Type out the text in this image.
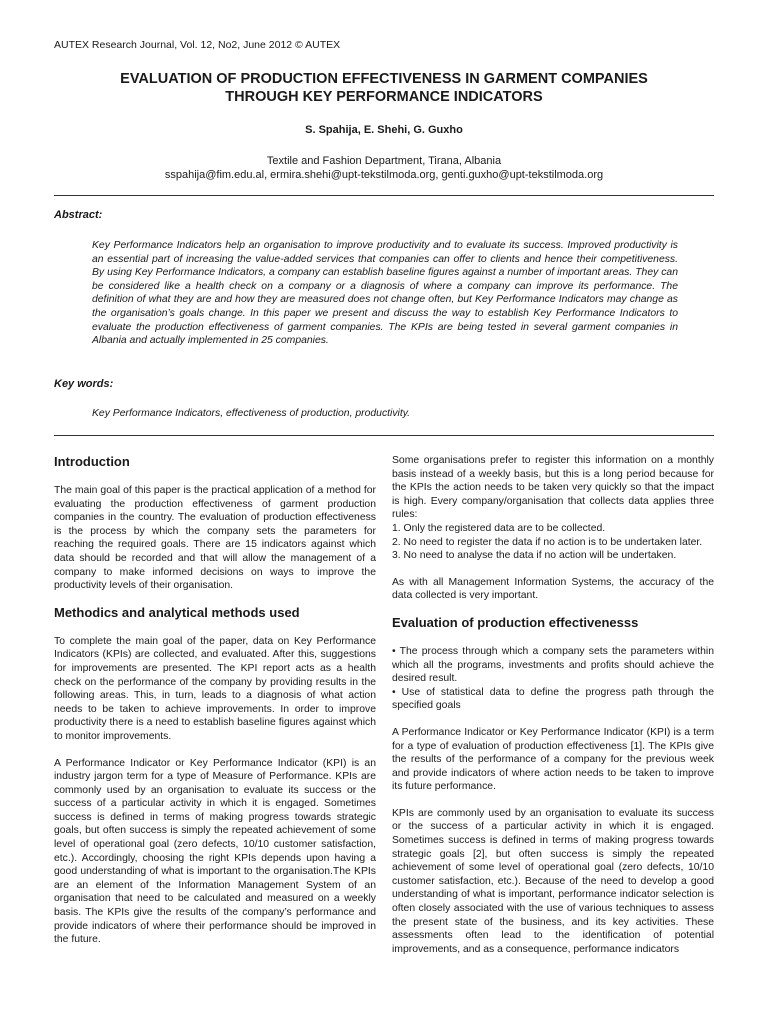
AUTEX Research Journal, Vol. 12, No2, June 2012 © AUTEX
EVALUATION OF PRODUCTION EFFECTIVENESS IN GARMENT COMPANIES
THROUGH KEY PERFORMANCE INDICATORS
S. Spahija, E. Shehi, G. Guxho
Textile and Fashion Department, Tirana, Albania
sspahija@fim.edu.al, ermira.shehi@upt-tekstilmoda.org, genti.guxho@upt-tekstilmoda.org
Abstract:
Key Performance Indicators help an organisation to improve productivity and to evaluate its success. Improved productivity is an essential part of increasing the value-added services that companies can offer to clients and hence their competitiveness. By using Key Performance Indicators, a company can establish baseline figures against a number of important areas. They can be considered like a health check on a company or a diagnosis of where a company can improve its performance. The definition of what they are and how they are measured does not change often, but Key Performance Indicators may change as the organisation’s goals change. In this paper we present and discuss the way to establish Key Performance Indicators to evaluate the production effectiveness of garment companies. The KPIs are being tested in several garment companies in Albania and actually implemented in 25 companies.
Key words:
Key Performance Indicators, effectiveness of production, productivity.
Introduction

The main goal of this paper is the practical application of a method for evaluating the production effectiveness of garment production companies in the country. The evaluation of production effectiveness is the process by which the company sets the parameters for reaching the required goals. There are 15 indicators against which data should be recorded and that will allow the management of a company to make informed decisions on ways to improve the productivity levels of their organisation.

Methodics and analytical methods used

To complete the main goal of the paper, data on Key Performance Indicators (KPIs) are collected, and evaluated. After this, suggestions for improvements are presented. The KPI report acts as a health check on the performance of the company by providing results in the following areas. This, in turn, leads to a diagnosis of what action needs to be taken to achieve improvements. In order to improve productivity there is a need to establish baseline figures against which to monitor improvements.

A Performance Indicator or Key Performance Indicator (KPI) is an industry jargon term for a type of Measure of Performance. KPIs are commonly used by an organisation to evaluate its success or the success of a particular activity in which it is engaged. Sometimes success is defined in terms of making progress towards strategic goals, but often success is simply the repeated achievement of some level of operational goal (zero defects, 10/10 customer satisfaction, etc.). Accordingly, choosing the right KPIs depends upon having a good understanding of what is important to the organisation.The KPIs are an element of the Information Management System of an organisation that need to be calculated and measured on a weekly basis. The KPIs give the results of the company’s performance and provide indicators of where their performance should be improved in the future.

Some organisations prefer to register this information on a monthly basis instead of a weekly basis, but this is a long period because for the KPIs the action needs to be taken very quickly so that the impact is high. Every company/organisation that collects data applies three rules:

1. Only the registered data are to be collected.
2. No need to register the data if no action is to be undertaken later.
3. No need to analyse the data if no action will be undertaken.

As with all Management Information Systems, the accuracy of the data collected is very important.

Evaluation of production effectivenesss

• The process through which a company sets the parameters within which all the programs, investments and profits should achieve the desired result.

• Use of statistical data to define the progress path through the specified goals

A Performance Indicator or Key Performance Indicator (KPI) is a term for a type of evaluation of production effectiveness [1]. The KPIs give the results of the performance of a company for the previous week and provide indicators of where action needs to be taken to improve its future performance.

KPIs are commonly used by an organisation to evaluate its success or the success of a particular activity in which it is engaged. Sometimes success is defined in terms of making progress towards strategic goals [2], but often success is simply the repeated achievement of some level of operational goal (zero defects, 10/10 customer satisfaction, etc.). Because of the need to develop a good understanding of what is important, performance indicator selection is often closely associated with the use of various techniques to assess the present state of the business, and its key activities. These assessments often lead to the identification of potential improvements, and as a consequence, performance indicators
